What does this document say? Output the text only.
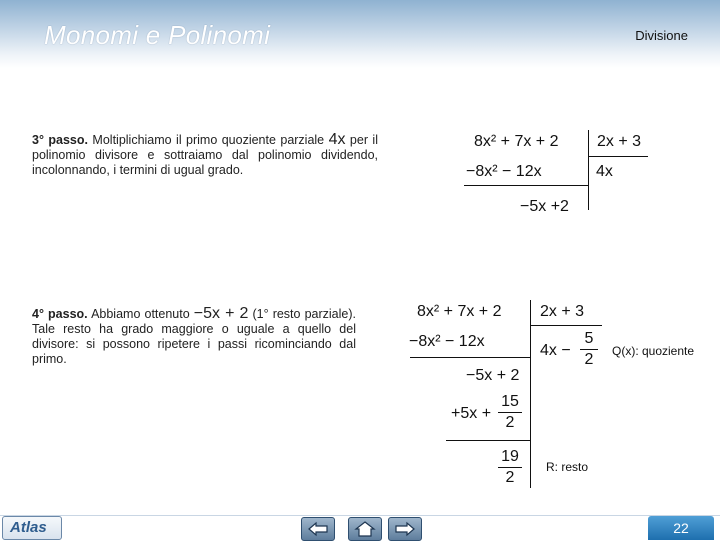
Monomi e Polinomi	Divisione
3° passo. Moltiplichiamo il primo quoziente parziale 4x per il polinomio divisore e sottraiamo dal polinomio dividendo, incolonnando, i termini di ugual grado.
8x² + 7x + 2 2x + 3
−8x² − 12x	4x
−5x +2
4° passo. Abbiamo ottenuto −5x + 2 (1° resto parziale). Tale resto ha grado maggiore o uguale a quello del divisore: si possono ripetere i passi ricominciando dal primo.
8x² + 7x + 2 2x + 3
−8x² − 12x
4x −
5
2	Q(x): quoziente
−5x + 2
+5x +
15
2
19
2
R: resto
Atlas	22
